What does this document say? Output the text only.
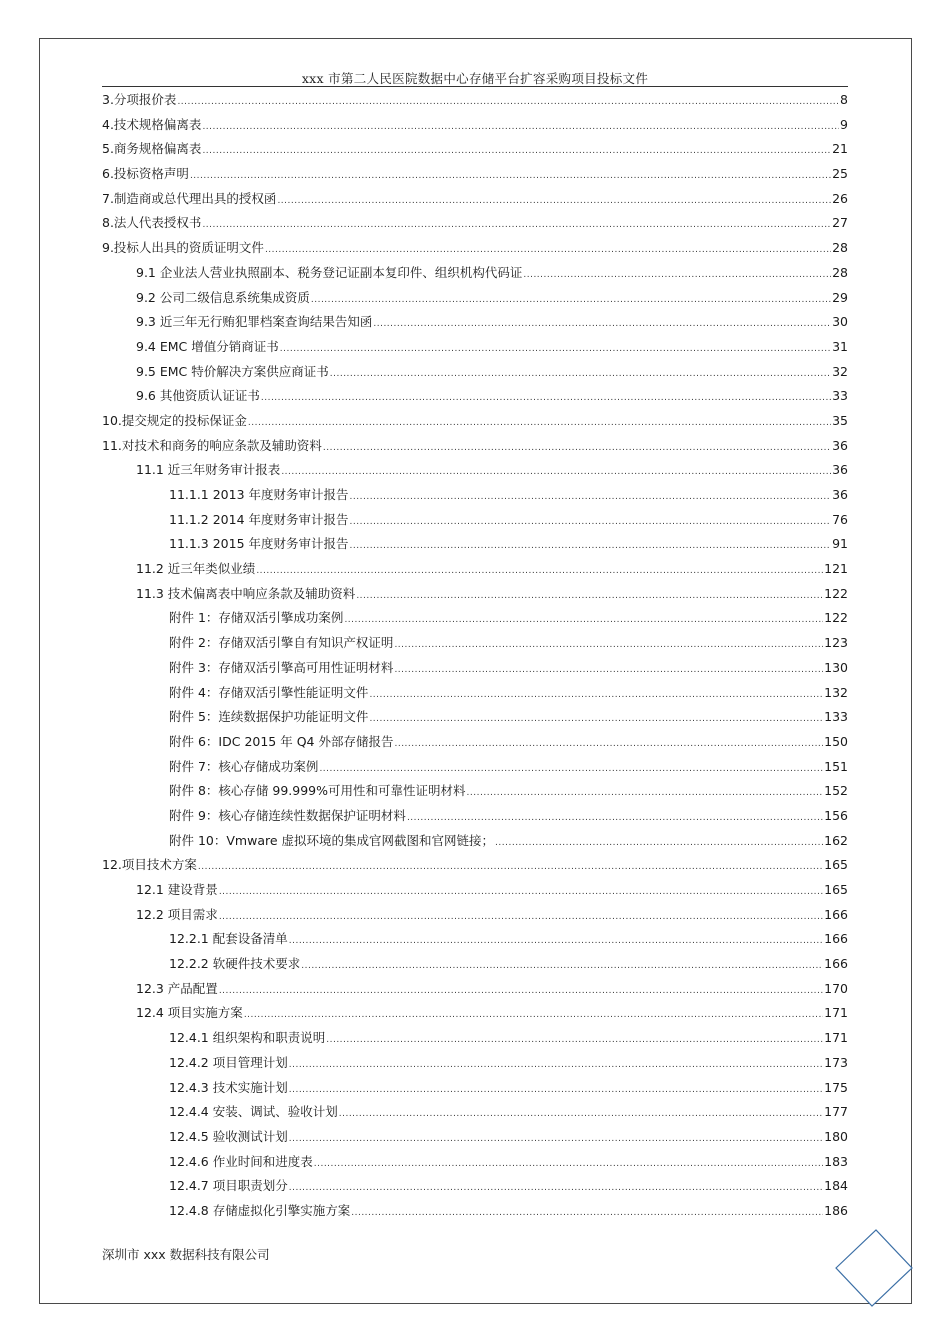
xxx 市第二人民医院数据中心存储平台扩容采购项目投标文件
3.分项报价表 .....	8
4.技术规格偏离表 .....	9
5.商务规格偏离表 .....	21
6.投标资格声明 .....	25
7.制造商或总代理出具的授权函 .....	26
8.法人代表授权书 .....	27
9.投标人出具的资质证明文件 .....	28
9.1 企业法人营业执照副本、税务登记证副本复印件、组织机构代码证 .....	28
9.2 公司二级信息系统集成资质 .....	29
9.3 近三年无行贿犯罪档案查询结果告知函 .....	30
9.4 EMC 增值分销商证书 .....	31
9.5 EMC 特价解决方案供应商证书 .....	32
9.6 其他资质认证证书 .....	33
10.提交规定的投标保证金 .....	35
11.对技术和商务的响应条款及辅助资料 .....	36
11.1 近三年财务审计报表 .....	36
11.1.1 2013 年度财务审计报告 .....	36
11.1.2 2014 年度财务审计报告 .....	76
11.1.3 2015 年度财务审计报告 .....	91
11.2 近三年类似业绩 .....	121
11.3 技术偏离表中响应条款及辅助资料 .....	122
附件 1：存储双活引擎成功案例 .....	122
附件 2：存储双活引擎自有知识产权证明 .....	123
附件 3：存储双活引擎高可用性证明材料 .....	130
附件 4：存储双活引擎性能证明文件 .....	132
附件 5：连续数据保护功能证明文件 .....	133
附件 6：IDC 2015 年 Q4 外部存储报告 .....	150
附件 7：核心存储成功案例 .....	151
附件 8：核心存储 99.999%可用性和可靠性证明材料 .....	152
附件 9：核心存储连续性数据保护证明材料 .....	156
附件 10：Vmware 虚拟环境的集成官网截图和官网链接； .....	162
12.项目技术方案 .....	165
12.1 建设背景 .....	165
12.2 项目需求 .....	166
12.2.1 配套设备清单 .....	166
12.2.2 软硬件技术要求 .....	166
12.3 产品配置 .....	170
12.4 项目实施方案 .....	171
12.4.1 组织架构和职责说明 .....	171
12.4.2 项目管理计划 .....	173
12.4.3 技术实施计划 .....	175
12.4.4 安装、调试、验收计划 .....	177
12.4.5 验收测试计划 .....	180
12.4.6 作业时间和进度表 .....	183
12.4.7 项目职责划分 .....	184
12.4.8 存储虚拟化引擎实施方案 .....	186
深圳市 xxx 数据科技有限公司
